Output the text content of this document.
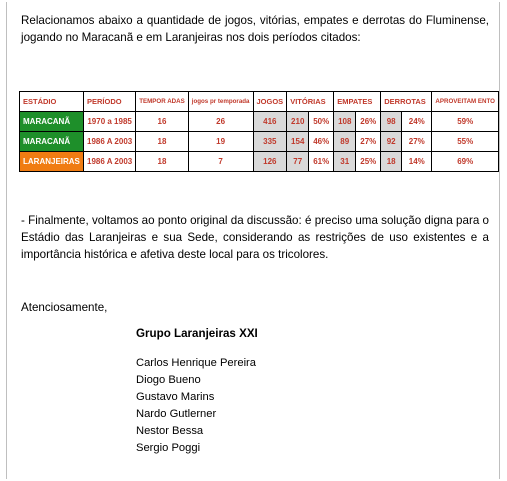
Relacionamos abaixo a quantidade de jogos, vitórias, empates e derrotas do Fluminense, jogando no Maracanã e em Laranjeiras nos dois períodos citados:
ESTÁDIO	PERÍODO	TEMPOR ADAS	jogos pr temporada	JOGOS	VITÓRIAS		EMPATES		DERROTAS		APROVEITAM ENTO
MARACANÃ	1970 a 1985	16	26	416	210	50%	108	26%	98	24%	59%
MARACANÃ	1986 A 2003	18	19	335	154	46%	89	27%	92	27%	55%
LARANJEIRAS	1986 A 2003	18	7	126	77	61%	31	25%	18	14%	69%
- Finalmente, voltamos ao ponto original da discussão: é preciso uma solução digna para o Estádio das Laranjeiras e sua Sede, considerando as restrições de uso existentes e a importância histórica e afetiva deste local para os tricolores.
Atenciosamente,
Grupo Laranjeiras XXI
Carlos Henrique Pereira
Diogo Bueno
Gustavo Marins
Nardo Gutlerner
Nestor Bessa
Sergio Poggi
